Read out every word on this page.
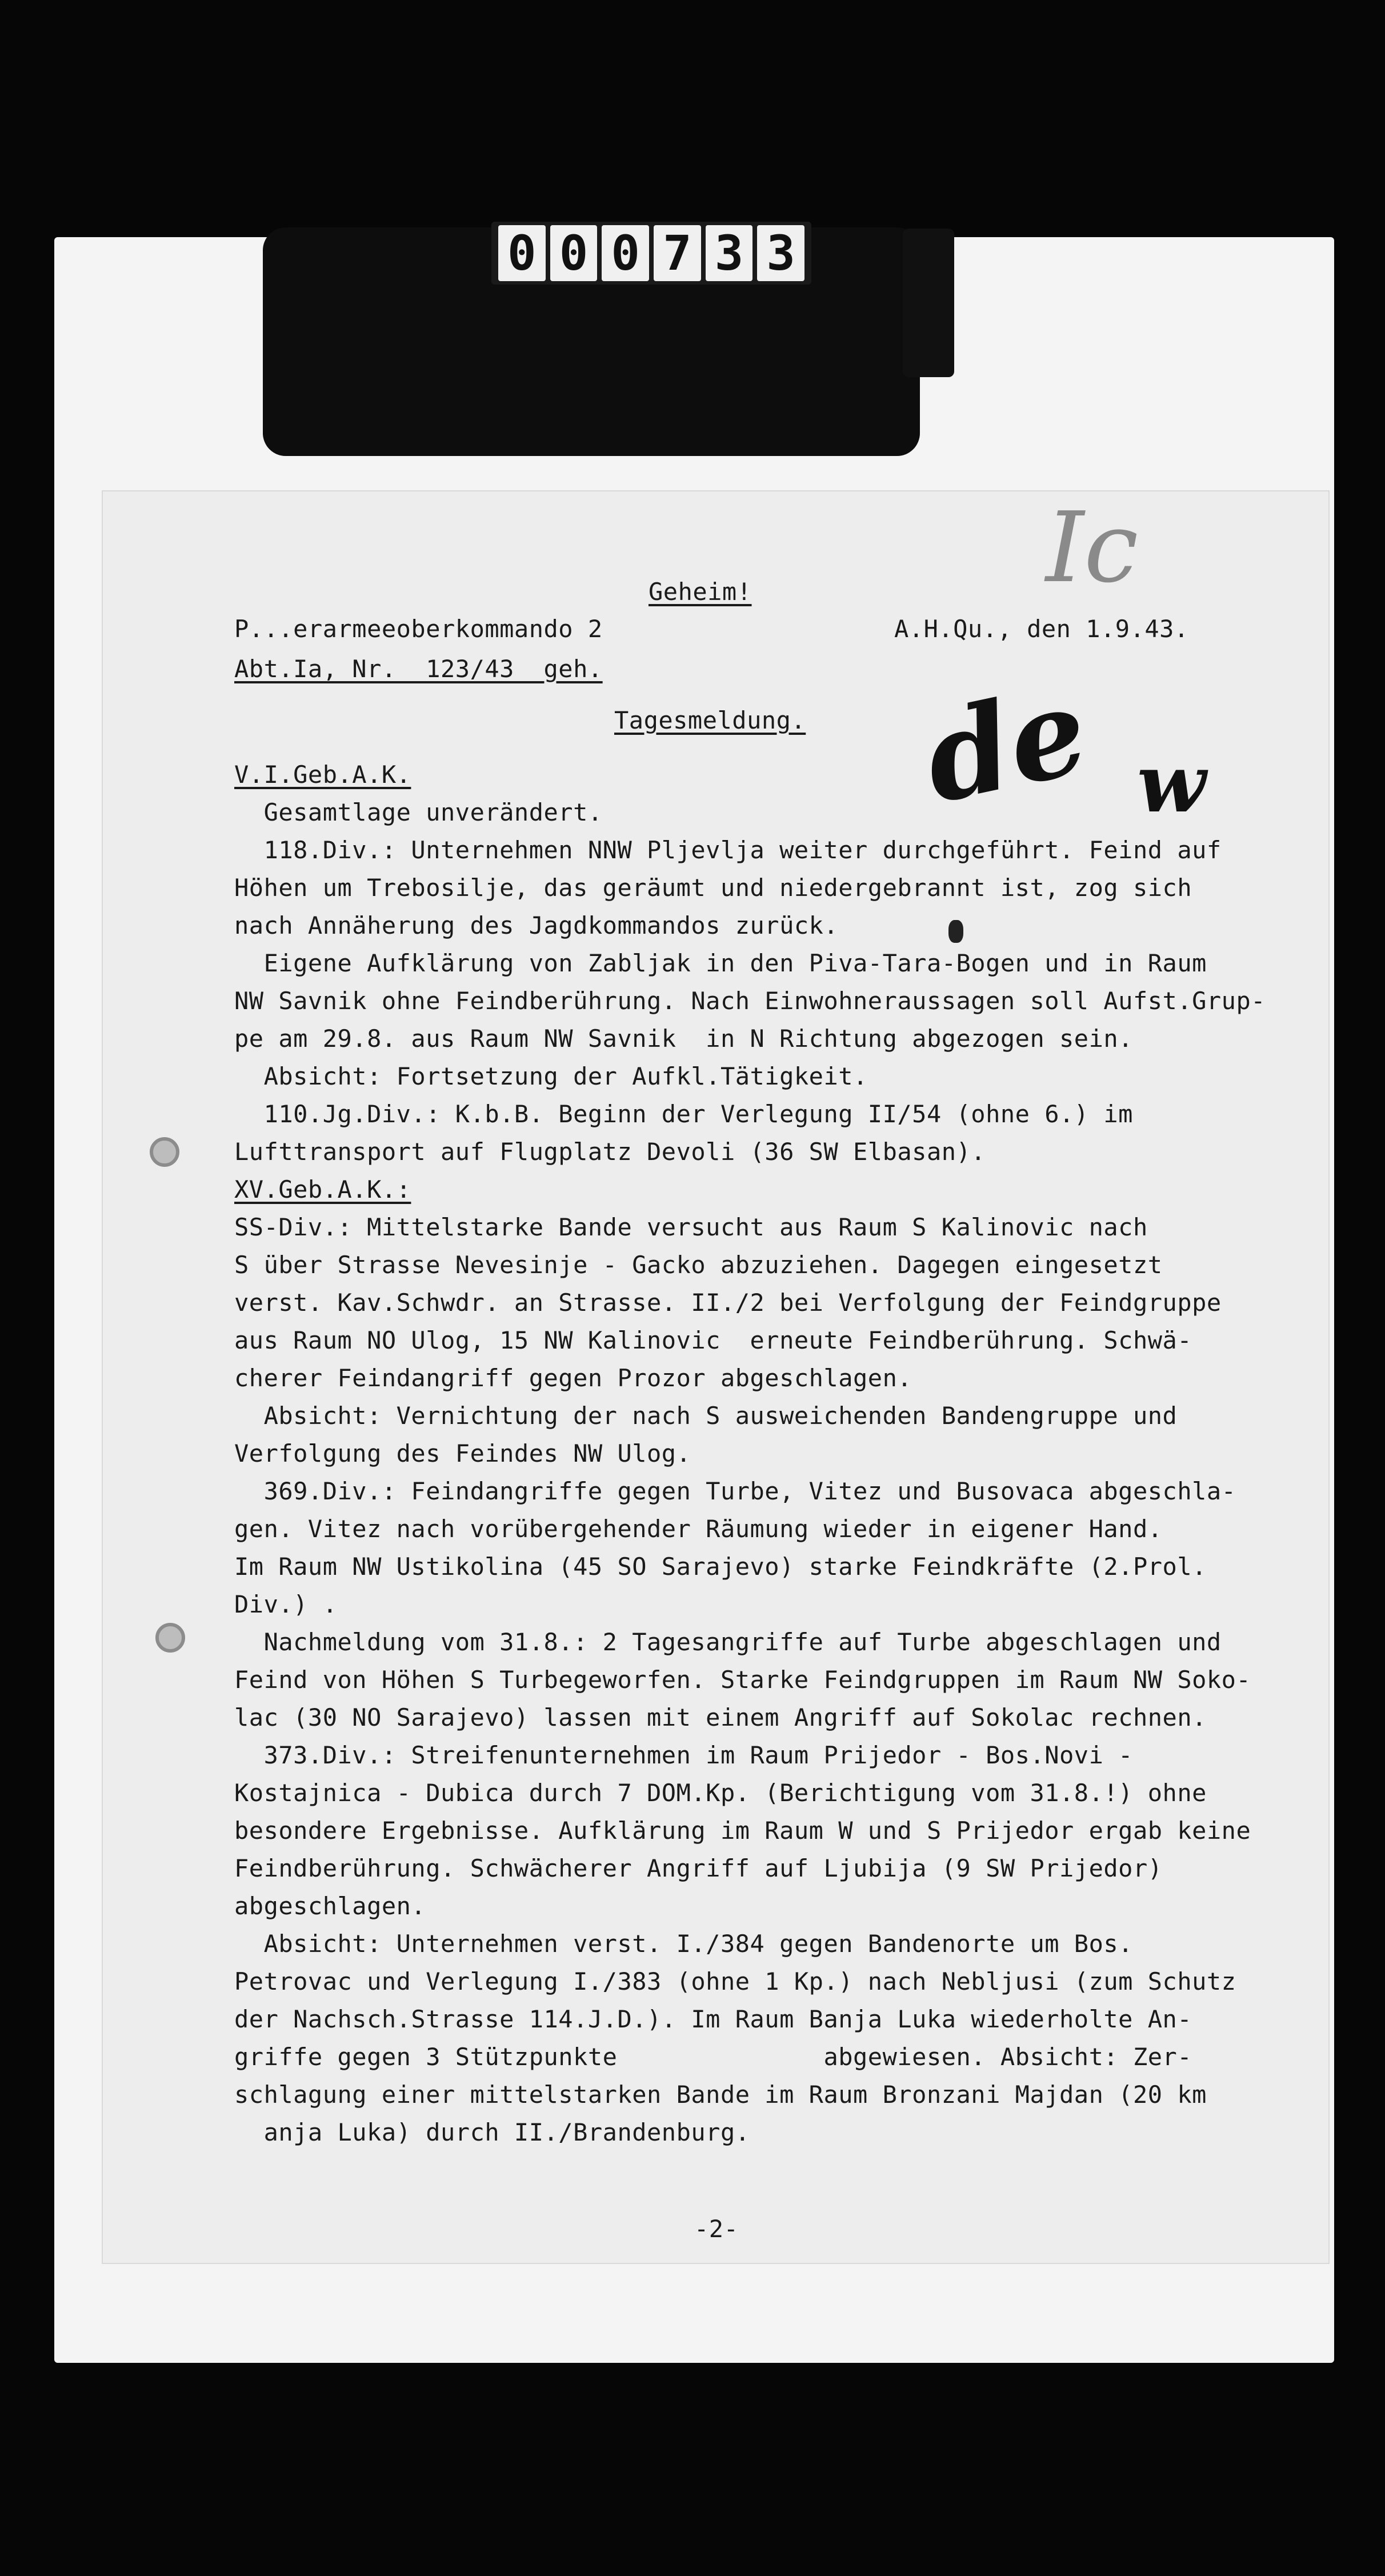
0 0 0 7 3 3
Ic
de w
Geheim!
P...erarmeeoberkommando 2	A.H.Qu., den 1.9.43.
Abt.Ia, Nr.  123/43  geh.
Tagesmeldung.
V.I.Geb.A.K.
Gesamtlage unverändert.
118.Div.: Unternehmen NNW Pljevlja weiter durchgeführt. Feind auf
Höhen um Trebosilje, das geräumt und niedergebrannt ist, zog sich
nach Annäherung des Jagdkommandos zurück.
Eigene Aufklärung von Zabljak in den Piva-Tara-Bogen und in Raum
NW Savnik ohne Feindberührung. Nach Einwohneraussagen soll Aufst.Grup-
pe am 29.8. aus Raum NW Savnik  in N Richtung abgezogen sein.
Absicht: Fortsetzung der Aufkl.Tätigkeit.
110.Jg.Div.: K.b.B. Beginn der Verlegung II/54 (ohne 6.) im
Lufttransport auf Flugplatz Devoli (36 SW Elbasan).
XV.Geb.A.K.:
SS-Div.: Mittelstarke Bande versucht aus Raum S Kalinovic nach
S über Strasse Nevesinje - Gacko abzuziehen. Dagegen eingesetzt
verst. Kav.Schwdr. an Strasse. II./2 bei Verfolgung der Feindgruppe
aus Raum NO Ulog, 15 NW Kalinovic  erneute Feindberührung. Schwä-
cherer Feindangriff gegen Prozor abgeschlagen.
Absicht: Vernichtung der nach S ausweichenden Bandengruppe und
Verfolgung des Feindes NW Ulog.
369.Div.: Feindangriffe gegen Turbe, Vitez und Busovaca abgeschla-
gen. Vitez nach vorübergehender Räumung wieder in eigener Hand.
Im Raum NW Ustikolina (45 SO Sarajevo) starke Feindkräfte (2.Prol.
Div.) .
Nachmeldung vom 31.8.: 2 Tagesangriffe auf Turbe abgeschlagen und
Feind von Höhen S Turbegeworfen. Starke Feindgruppen im Raum NW Soko-
lac (30 NO Sarajevo) lassen mit einem Angriff auf Sokolac rechnen.
373.Div.: Streifenunternehmen im Raum Prijedor - Bos.Novi -
Kostajnica - Dubica durch 7 DOM.Kp. (Berichtigung vom 31.8.!) ohne
besondere Ergebnisse. Aufklärung im Raum W und S Prijedor ergab keine
Feindberührung. Schwächerer Angriff auf Ljubija (9 SW Prijedor)
abgeschlagen.
Absicht: Unternehmen verst. I./384 gegen Bandenorte um Bos.
Petrovac und Verlegung I./383 (ohne 1 Kp.) nach Nebljusi (zum Schutz
der Nachsch.Strasse 114.J.D.). Im Raum Banja Luka wiederholte An-
griffe gegen 3 Stützpunkte              abgewiesen. Absicht: Zer-
schlagung einer mittelstarken Bande im Raum Bronzani Majdan (20 km
anja Luka) durch II./Brandenburg.
-2-
